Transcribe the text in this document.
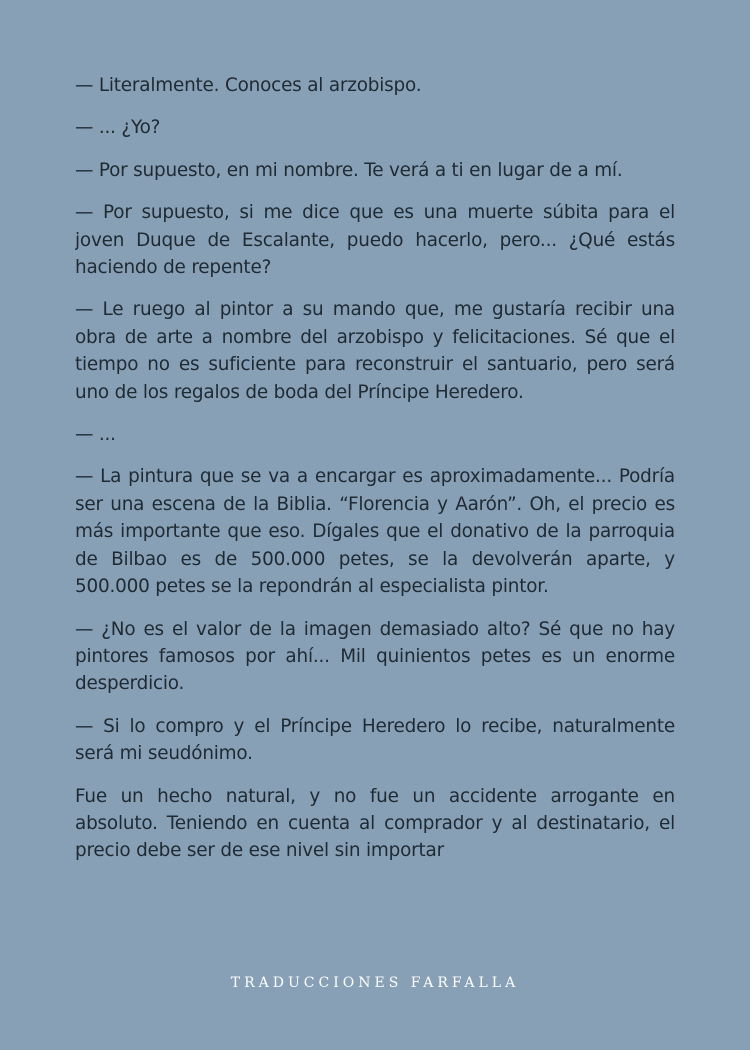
— Literalmente. Conoces al arzobispo.

— ... ¿Yo?

— Por supuesto, en mi nombre. Te verá a ti en lugar de a mí.

— Por supuesto, si me dice que es una muerte súbita para el joven Duque de Escalante, puedo hacerlo, pero... ¿Qué estás haciendo de repente?

— Le ruego al pintor a su mando que, me gustaría recibir una obra de arte a nombre del arzobispo y felicitaciones. Sé que el tiempo no es suficiente para reconstruir el santuario, pero será uno de los regalos de boda del Príncipe Heredero.

— ...

— La pintura que se va a encargar es aproximadamente... Podría ser una escena de la Biblia. “Florencia y Aarón”. Oh, el precio es más importante que eso. Dígales que el donativo de la parroquia de Bilbao es de 500.000 petes, se la devolverán aparte, y 500.000 petes se la repondrán al especialista pintor.

— ¿No es el valor de la imagen demasiado alto? Sé que no hay pintores famosos por ahí... Mil quinientos petes es un enorme desperdicio.

— Si lo compro y el Príncipe Heredero lo recibe, naturalmente será mi seudónimo.

Fue un hecho natural, y no fue un accidente arrogante en absoluto. Teniendo en cuenta al comprador y al destinatario, el precio debe ser de ese nivel sin importar

TRADUCCIONES FARFALLA
